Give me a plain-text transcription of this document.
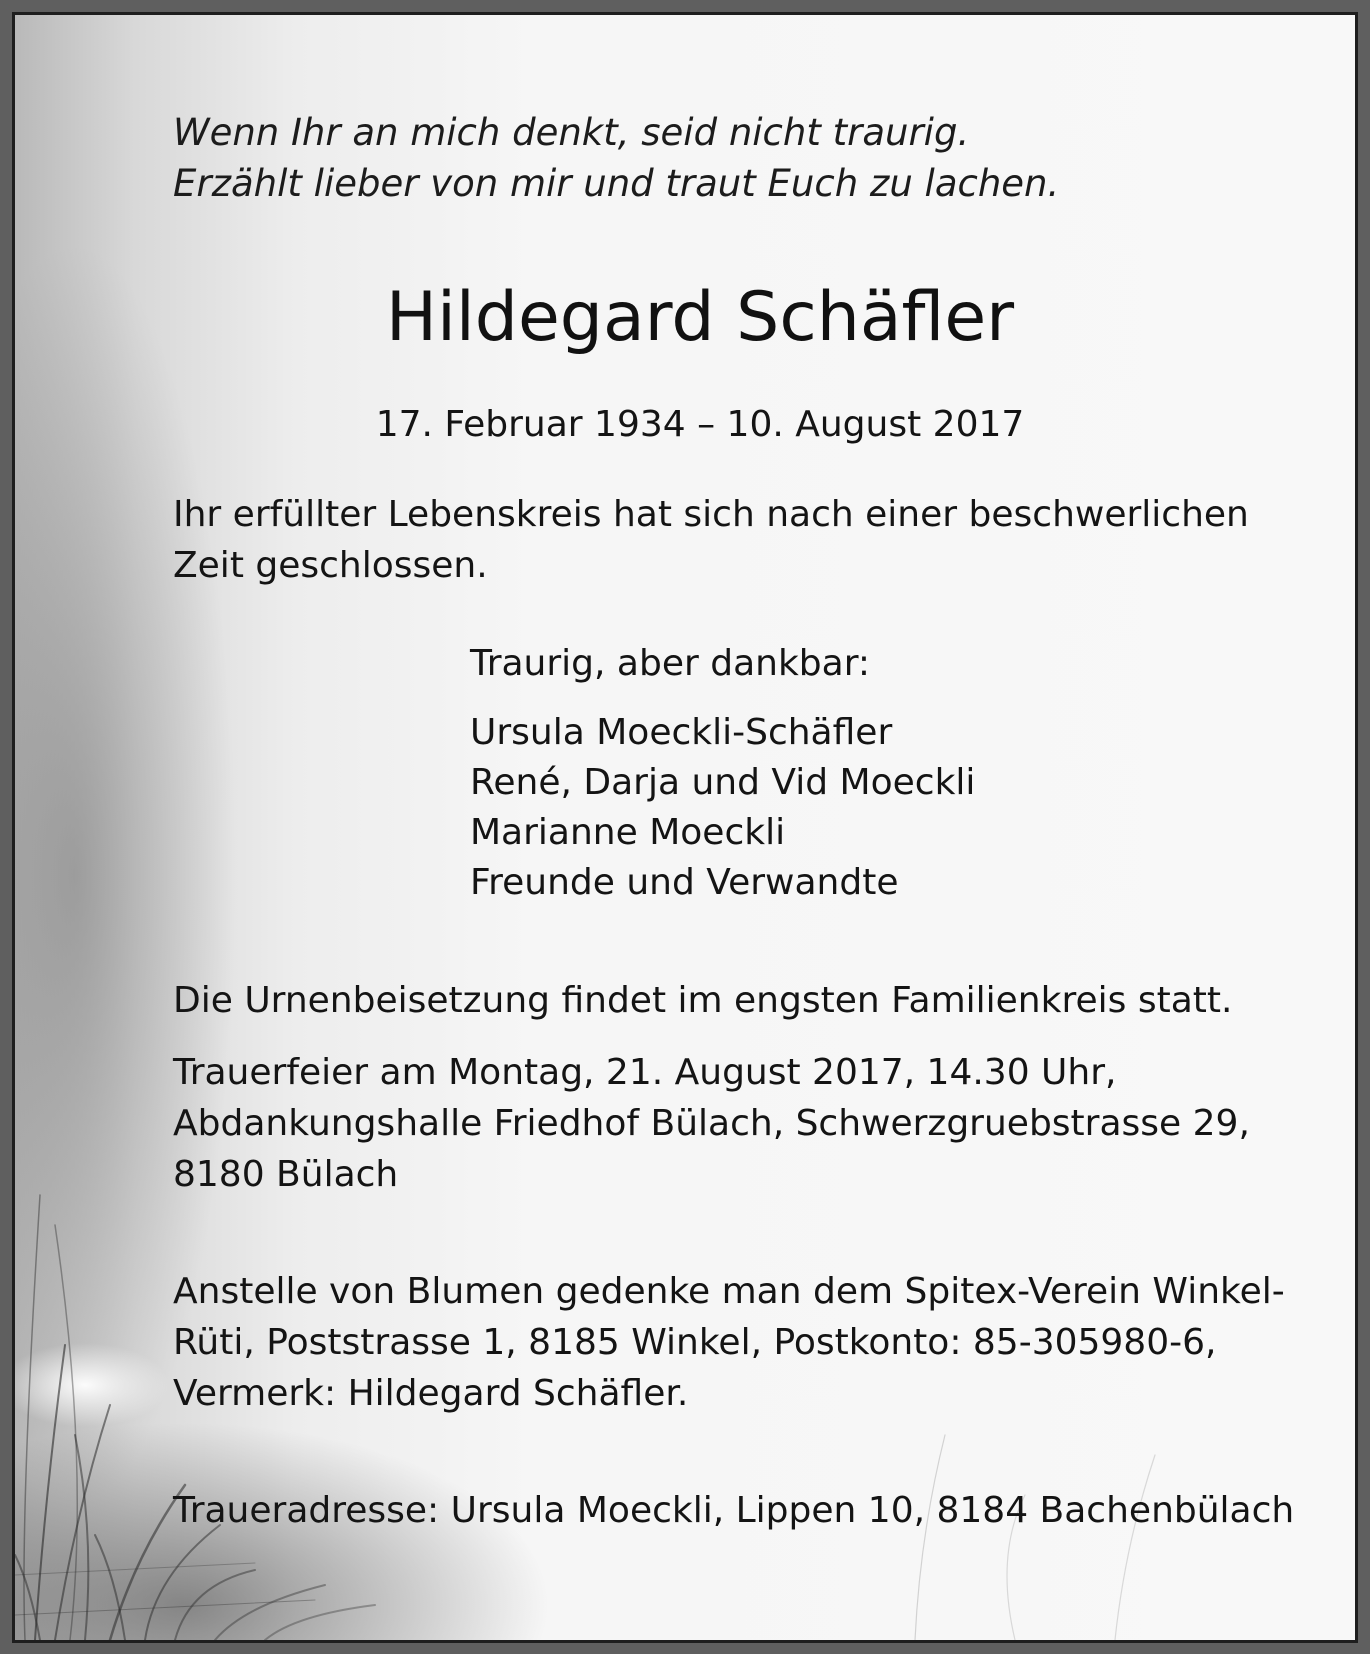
Wenn Ihr an mich denkt, seid nicht traurig.
Erzählt lieber von mir und traut Euch zu lachen.
Hildegard Schäfler
17. Februar 1934 – 10. August 2017
Ihr erfüllter Lebenskreis hat sich nach einer beschwerlichen
Zeit geschlossen.
Traurig, aber dankbar:
Ursula Moeckli-Schäfler
René, Darja und Vid Moeckli
Marianne Moeckli
Freunde und Verwandte
Die Urnenbeisetzung findet im engsten Familienkreis statt.
Trauerfeier am Montag, 21. August 2017, 14.30 Uhr,
Abdankungshalle Friedhof Bülach, Schwerzgruebstrasse 29,
8180 Bülach
Anstelle von Blumen gedenke man dem Spitex-Verein Winkel-
Rüti, Poststrasse 1, 8185 Winkel, Postkonto: 85-305980-6,
Vermerk: Hildegard Schäfler.
Traueradresse: Ursula Moeckli, Lippen 10, 8184 Bachenbülach
